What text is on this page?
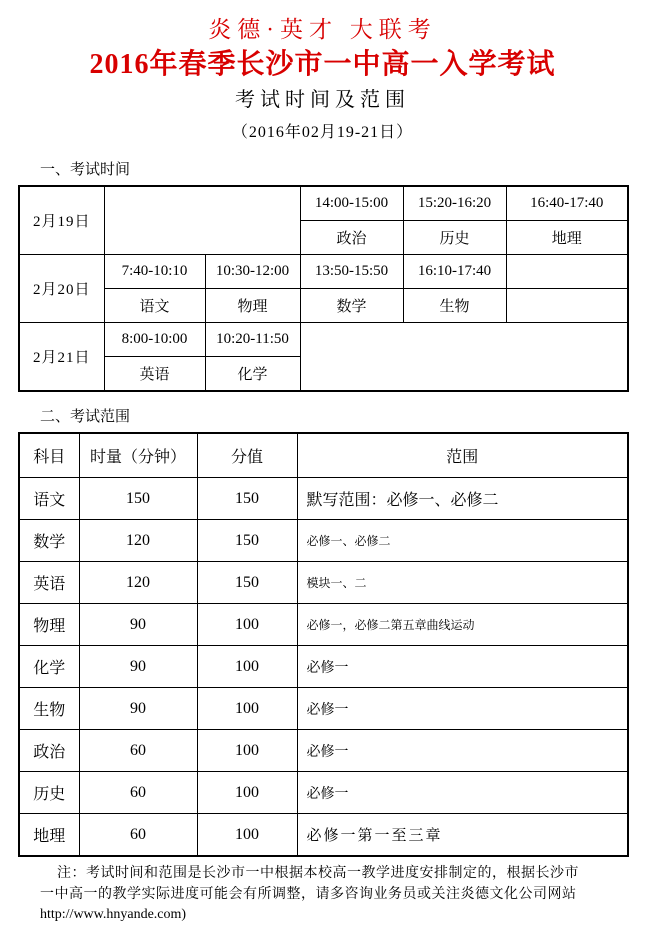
炎德·英才 大联考
2016年春季长沙市一中高一入学考试
考试时间及范围
（2016年02月19-21日）
一、考试时间
2月19日			14:00-15:00	15:20-16:20	16:40-17:40
			政治	历史	地理
2月20日	7:40-10:10	10:30-12:00	13:50-15:50	16:10-17:40	
	语文	物理	数学	生物	
2月21日	8:00-10:00	10:20-11:50			
	英语	化学			
二、考试范围
科目	时量（分钟）	分值	范围
语文	150	150	默写范围：必修一、必修二
数学	120	150	必修一、必修二
英语	120	150	模块一、二
物理	90	100	必修一，必修二第五章曲线运动
化学	90	100	必修一
生物	90	100	必修一
政治	60	100	必修一
历史	60	100	必修一
地理	60	100	必修一第一至三章
注：考试时间和范围是长沙市一中根据本校高一教学进度安排制定的，根据长沙市
一中高一的教学实际进度可能会有所调整，请多咨询业务员或关注炎德文化公司网站
http://www.hnyande.com)
